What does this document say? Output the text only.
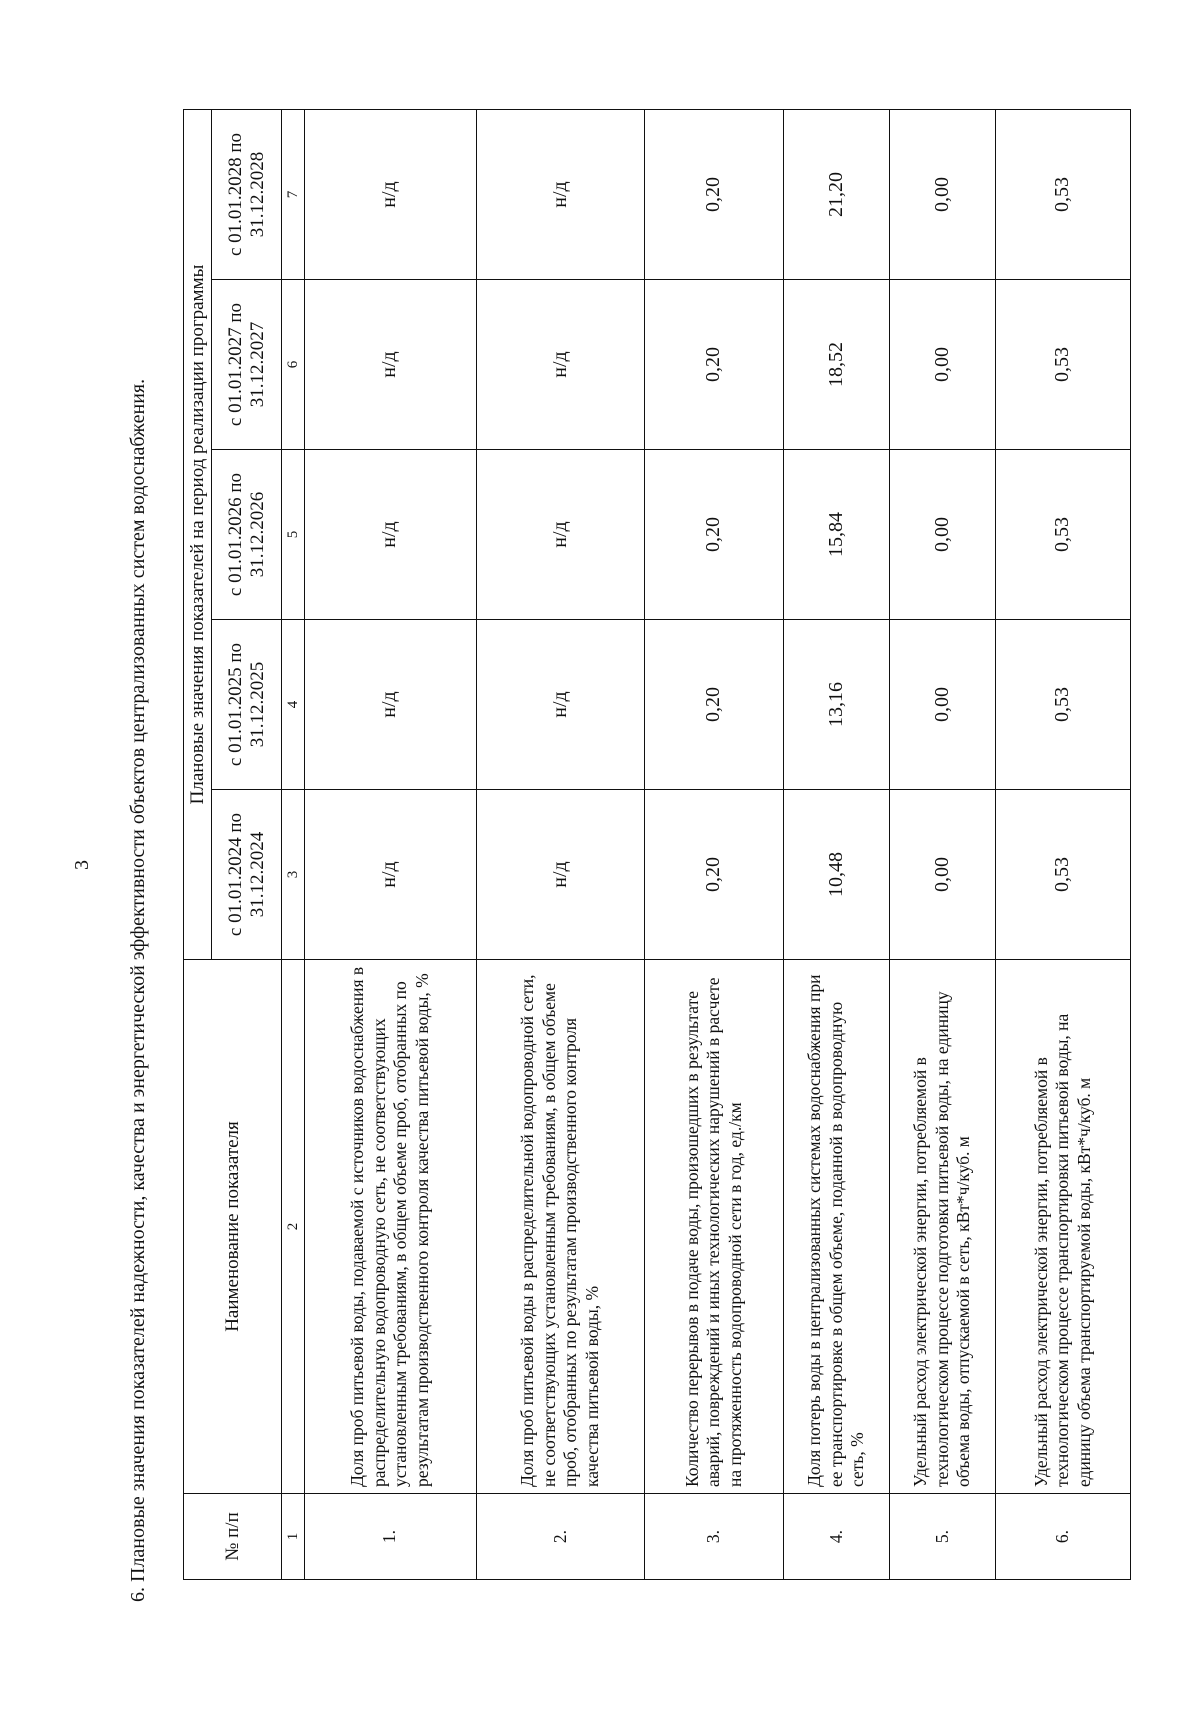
3	6. Плановые значения показателей надежности, качества и энергетической эффективности объектов централизованных систем водоснабжения.	№ п/п	Наименование показателя	Плановые значения показателей на период реализации программы				
		с 01.01.2024 по 31.12.2024	с 01.01.2025 по 31.12.2025	с 01.01.2026 по 31.12.2026	с 01.01.2027 по 31.12.2027	с 01.01.2028 по 31.12.2028
1	2	3	4	5	6	7
1.	Доля проб питьевой воды, подаваемой с источников водоснабжения в распределительную водопроводную сеть, не соответствующих установленным требованиям, в общем объеме проб, отобранных по результатам производственного контроля качества питьевой воды, %	н/д	н/д	н/д	н/д	н/д
2.	Доля проб питьевой воды в распределительной водопроводной сети, не соответствующих установленным требованиям, в общем объеме проб, отобранных по результатам производственного контроля качества питьевой воды, %	н/д	н/д	н/д	н/д	н/д
3.	Количество перерывов в подаче воды, произошедших в результате аварий, повреждений и иных технологических нарушений в расчете на протяженность водопроводной сети в год, ед./км	0,20	0,20	0,20	0,20	0,20
4.	Доля потерь воды в централизованных системах водоснабжения при ее транспортировке в общем объеме, поданной в водопроводную сеть, %	10,48	13,16	15,84	18,52	21,20
5.	Удельный расход электрической энергии, потребляемой в технологическом процессе подготовки питьевой воды, на единицу объема воды, отпускаемой в сеть, кВт*ч/куб. м	0,00	0,00	0,00	0,00	0,00
6.	Удельный расход электрической энергии, потребляемой в технологическом процессе транспортировки питьевой воды, на единицу объема транспортируемой воды, кВт*ч/куб. м	0,53	0,53	0,53	0,53	0,53
